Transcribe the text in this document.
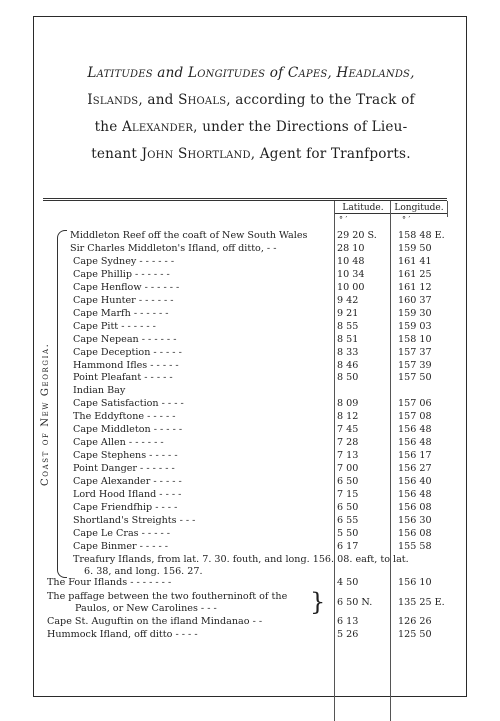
Latitudes and Longitudes of Capes, Headlands,
Islands, and Shoals, according to the Track of
the Alexander, under the Directions of Lieu-
tenant John Shortland, Agent for Tranfports.
Latitude.	Longitude.
° ′	° ′
Coast of New Georgia.
Middleton Reef off the coaft of New South Wales	29 20 S.	158 48 E.
Sir Charles Middleton's Ifland, off ditto, - -	28 10	159 50
Cape Sydney - - - - - -	10 48	161 41
Cape Phillip - - - - - -	10 34	161 25
Cape Henflow - - - - - -	10 00	161 12
Cape Hunter - - - - - -	9 42	160 37
Cape Marfh - - - - - -	9 21	159 30
Cape Pitt - - - - - -	8 55	159 03
Cape Nepean - - - - - -	8 51	158 10
Cape Deception - - - - -	8 33	157 37
Hammond Ifles - - - - -	8 46	157 39
Point Pleafant - - - - -	8 50	157 50
Indian Bay
Cape Satisfaction - - - -	8 09	157 06
The Eddyftone - - - - -	8 12	157 08
Cape Middleton - - - - -	7 45	156 48
Cape Allen - - - - - -	7 28	156 48
Cape Stephens - - - - -	7 13	156 17
Point Danger - - - - - -	7 00	156 27
Cape Alexander - - - - -	6 50	156 40
Lord Hood Ifland - - - -	7 15	156 48
Cape Friendfhip - - - -	6 50	156 08
Shortland's Streights - - -	6 55	156 30
Cape Le Cras - - - - -	5 50	156 08
Cape Binmer - - - - -	6 17	155 58
Treafury Iflands, from lat. 7. 30. fouth, and long. 156. 08. eaft, to lat.
6. 38, and long. 156. 27.
The Four Iflands - - - - - - -	4 50	156 10
The paffage between the two foutherninoft of the
Paulos, or New Carolines - - -	} 6 50 N.	135 25 E.
Cape St. Auguftin on the ifland Mindanao - -	6 13	126 26
Hummock Ifland, off ditto - - - -	5 26	125 50
